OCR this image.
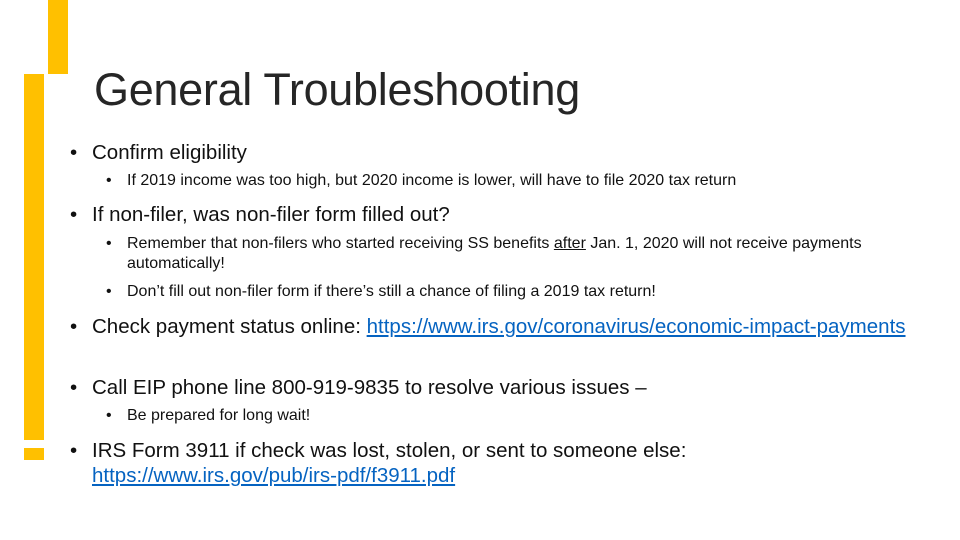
General Troubleshooting
• Confirm eligibility
• If 2019 income was too high, but 2020 income is lower, will have to file 2020 tax return
• If non-filer, was non-filer form filled out?
• Remember that non-filers who started receiving SS benefits after Jan. 1, 2020 will not receive payments automatically!
• Don’t fill out non-filer form if there’s still a chance of filing a 2019 tax return!
• Check payment status online: https://www.irs.gov/coronavirus/economic-impact-payments
• Call EIP phone line 800-919-9835 to resolve various issues –
• Be prepared for long wait!
• IRS Form 3911 if check was lost, stolen, or sent to someone else: https://www.irs.gov/pub/irs-pdf/f3911.pdf
